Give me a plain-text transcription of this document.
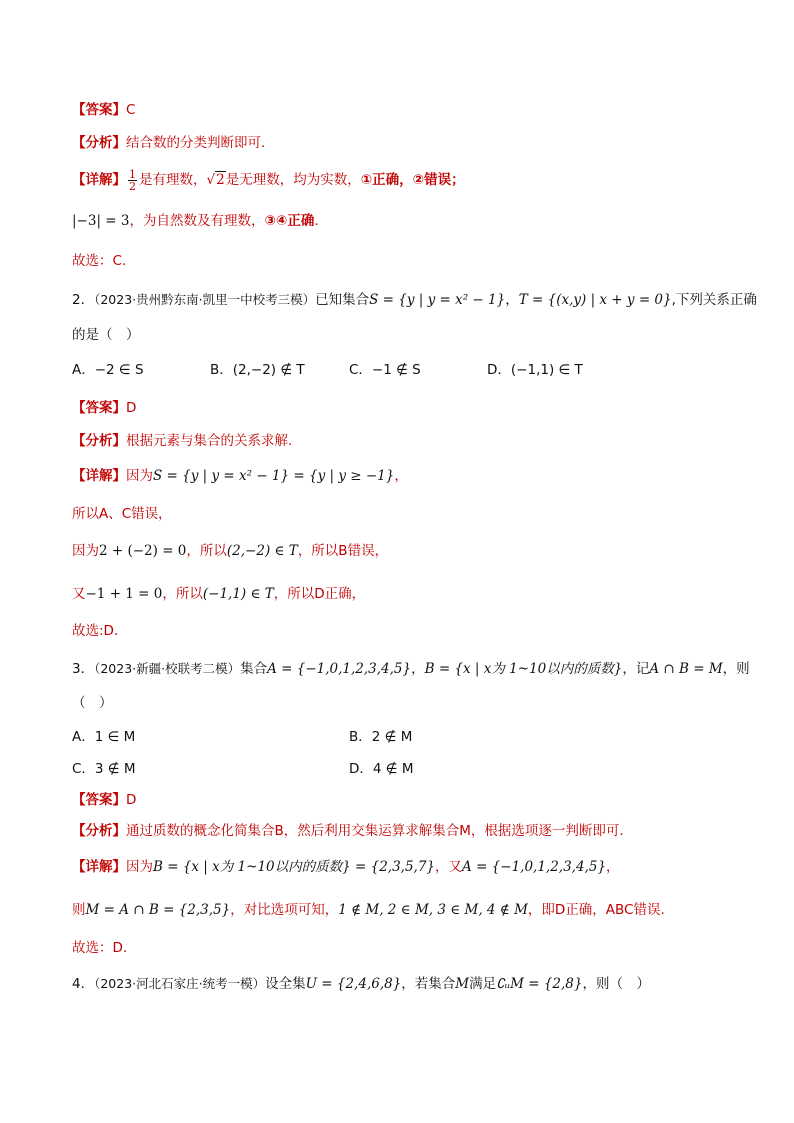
【答案】C
【分析】结合数的分类判断即可.
【详解】 $\frac{1}{2}$ 是有理数，√2是无理数，均为实数，①正确，②错误；
|−3| = 3，为自然数及有理数，③④正确.
故选：C.
2．（2023·贵州黔东南·凯里一中校考三模）已知集合S = {y | y = x² − 1}，T = {(x,y) | x + y = 0},下列关系正确
的是（　）
A．−2 ∈ S	B．(2,−2) ∉ T	C．−1 ∉ S	D．(−1,1) ∈ T
【答案】D
【分析】根据元素与集合的关系求解.
【详解】因为S = {y | y = x² − 1} = {y | y ≥ −1}，
所以A、C错误，
因为2 + (−2) = 0，所以(2,−2) ∈ T，所以B错误，
又−1 + 1 = 0，所以(−1,1) ∈ T，所以D正确，
故选:D．
3．（2023·新疆·校联考二模）集合A = {−1,0,1,2,3,4,5}，B = {x | x为 1~10以内的质数}，记A ∩ B = M，则
（　）
A．1 ∈ M	B．2 ∉ M
C．3 ∉ M	D．4 ∉ M
【答案】D
【分析】通过质数的概念化简集合B，然后利用交集运算求解集合M，根据选项逐一判断即可.
【详解】因为B = {x | x为 1~10以内的质数} = {2,3,5,7}，又A = {−1,0,1,2,3,4,5}，
则M = A ∩ B = {2,3,5}，对比选项可知，1 ∉ M, 2 ∈ M, 3 ∈ M, 4 ∉ M，即D正确，ABC错误.
故选：D.
4．（2023·河北石家庄·统考一模）设全集U = {2,4,6,8}，若集合M满足∁ᵤM = {2,8}，则（　）
